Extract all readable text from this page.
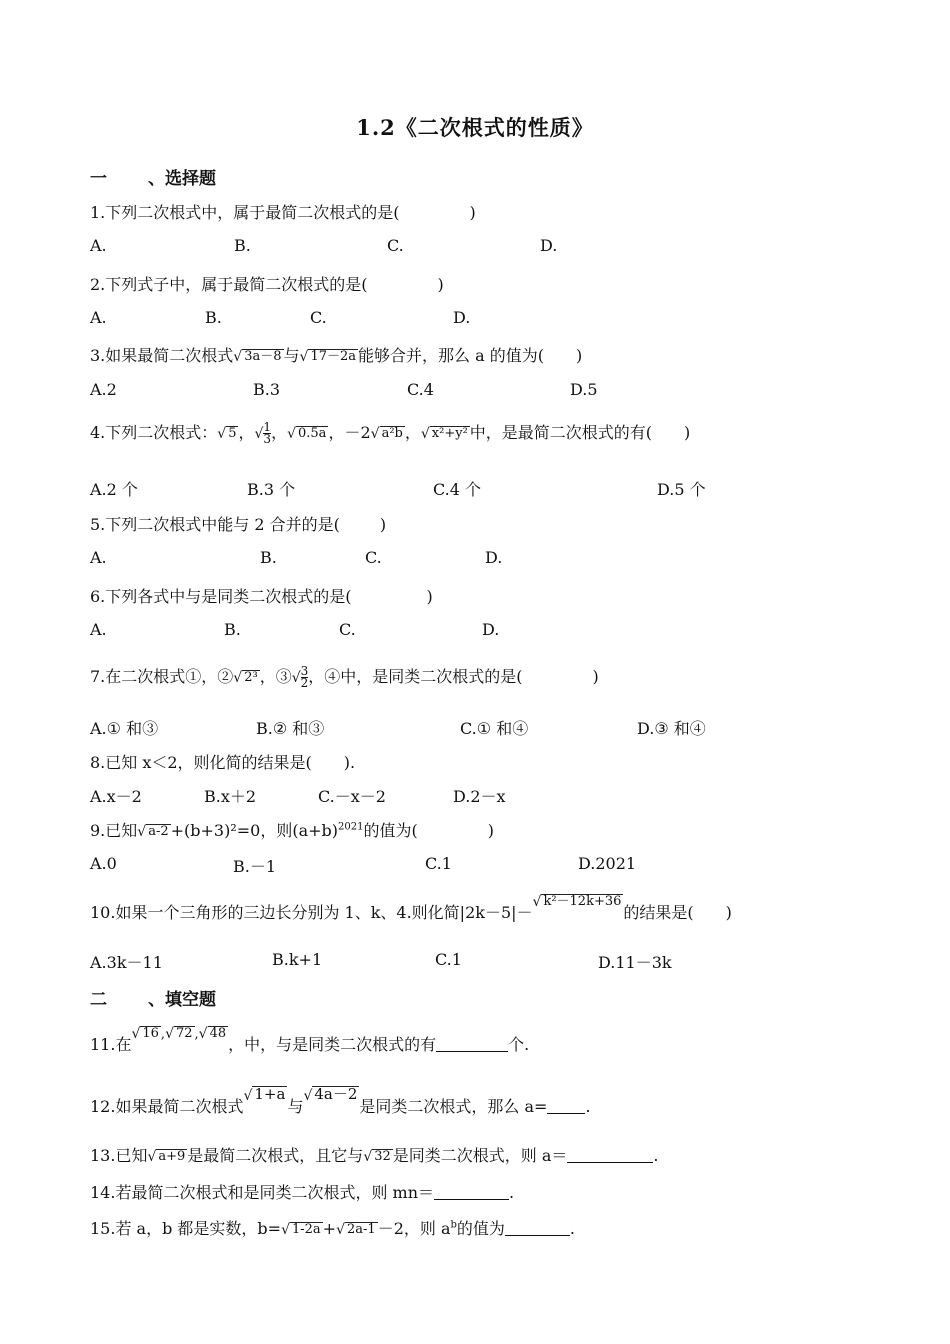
1.2《二次根式的性质》
一 、选择题
1.下列二次根式中，属于最简二次根式的是(	)
A.	B.	C.	D.
2.下列式子中，属于最简二次根式的是(	)
A.	B.	C.	D.
3.如果最简二次根式√ 3a－8 与√ 17－2a 能够合并，那么 a 的值为(　　)
A.2	B.3	C.4	D.5
4.下列二次根式：√ 5 ，√ $\frac{1}{3}$ ，√ 0.5a ，－2√ a²b ，√ x²+y² 中，是最简二次根式的有(　　)
A.2 个	B.3 个	C.4 个	D.5 个
5.下列二次根式中能与 2 合并的是(	)
A.	B.	C.	D.
6.下列各式中与是同类二次根式的是(	)
A.	B.	C.	D.
7.在二次根式①，②√ 2³ ，③√ $\frac{3}{2}$ ，④中，是同类二次根式的是(	)
A.① 和③	B.② 和③	C.① 和④	D.③ 和④
8.已知 x＜2，则化简的结果是(　　).
A.x－2	B.x＋2	C.－x－2	D.2－x
9.已知√ a-2 +(b+3)²=0，则$(a+b)^{2021}$的值为(	)
A.0	B.－1	C.1	D.2021
10.如果一个三角形的三边长分别为 1、k、4.则化简|2k－5|－√ k²－12k+36的结果是(　　)
A.3k－11	B.k+1	C.1	D.11－3k
二 、填空题
11.在$^{√ 16 ,√ 72 ,√ 48}$，中，与是同类二次根式的有	个.
12.如果最简二次根式√ 1+a与√ 4a－2是同类二次根式，那么 a= .
13.已知√ a+9 是最简二次根式，且它与√ 32 是同类二次根式，则 a＝	.
14.若最简二次根式和是同类二次根式，则 mn＝	.
15.若 a，b 都是实数，b=√ 1-2a +√ 2a-1 －2，则 $a^b$的值为	.
